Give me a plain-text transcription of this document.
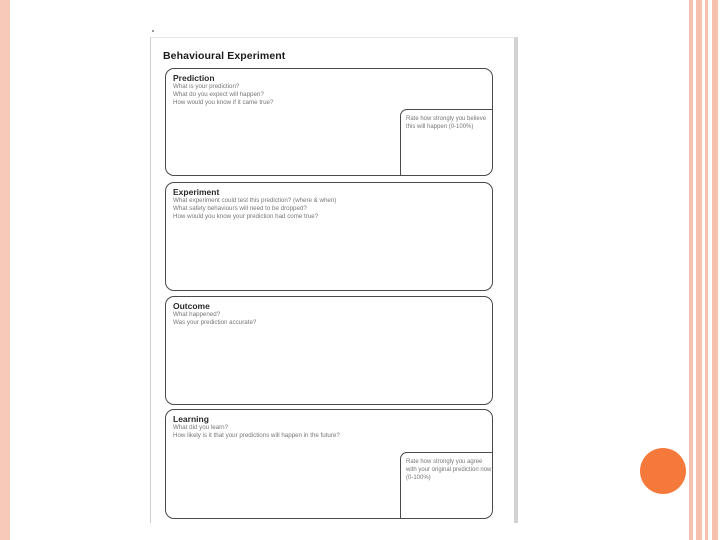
Behavioural Experiment
Prediction
What is your prediction?
What do you expect will happen?
How would you know if it came true?
Rate how strongly you believe this will happen (0-100%)
Experiment
What experiment could test this prediction? (where & when)
What safety behaviours will need to be dropped?
How would you know your prediction had come true?
Outcome
What happened?
Was your prediction accurate?
Learning
What did you learn?
How likely is it that your predictions will happen in the future?
Rate how strongly you agree with your original prediction now (0-100%)
